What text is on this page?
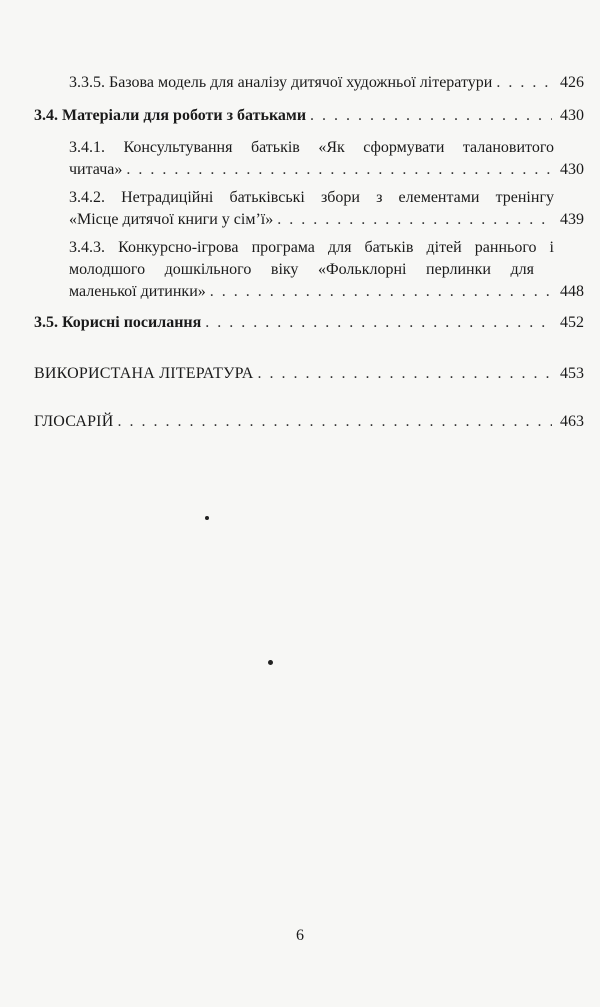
3.3.5. Базова модель для аналізу дитячої художньої літератури . . .	426
3.4. Матеріали для роботи з батьками . . .	430
3.4.1. Консультування батьків «Як сформувати талановитого
читача» . . .	430
3.4.2. Нетрадиційні батьківські збори з елементами тренінгу
«Місце дитячої книги у сім’ї» . . .	439
3.4.3. Конкурсно-ігрова програма для батьків дітей раннього і
молодшого дошкільного віку «Фольклорні перлинки для
маленької дитинки» . . .	448
3.5. Корисні посилання . . .	452
ВИКОРИСТАНА ЛІТЕРАТУРА . . .	453
ГЛОСАРІЙ . . .	463
6
